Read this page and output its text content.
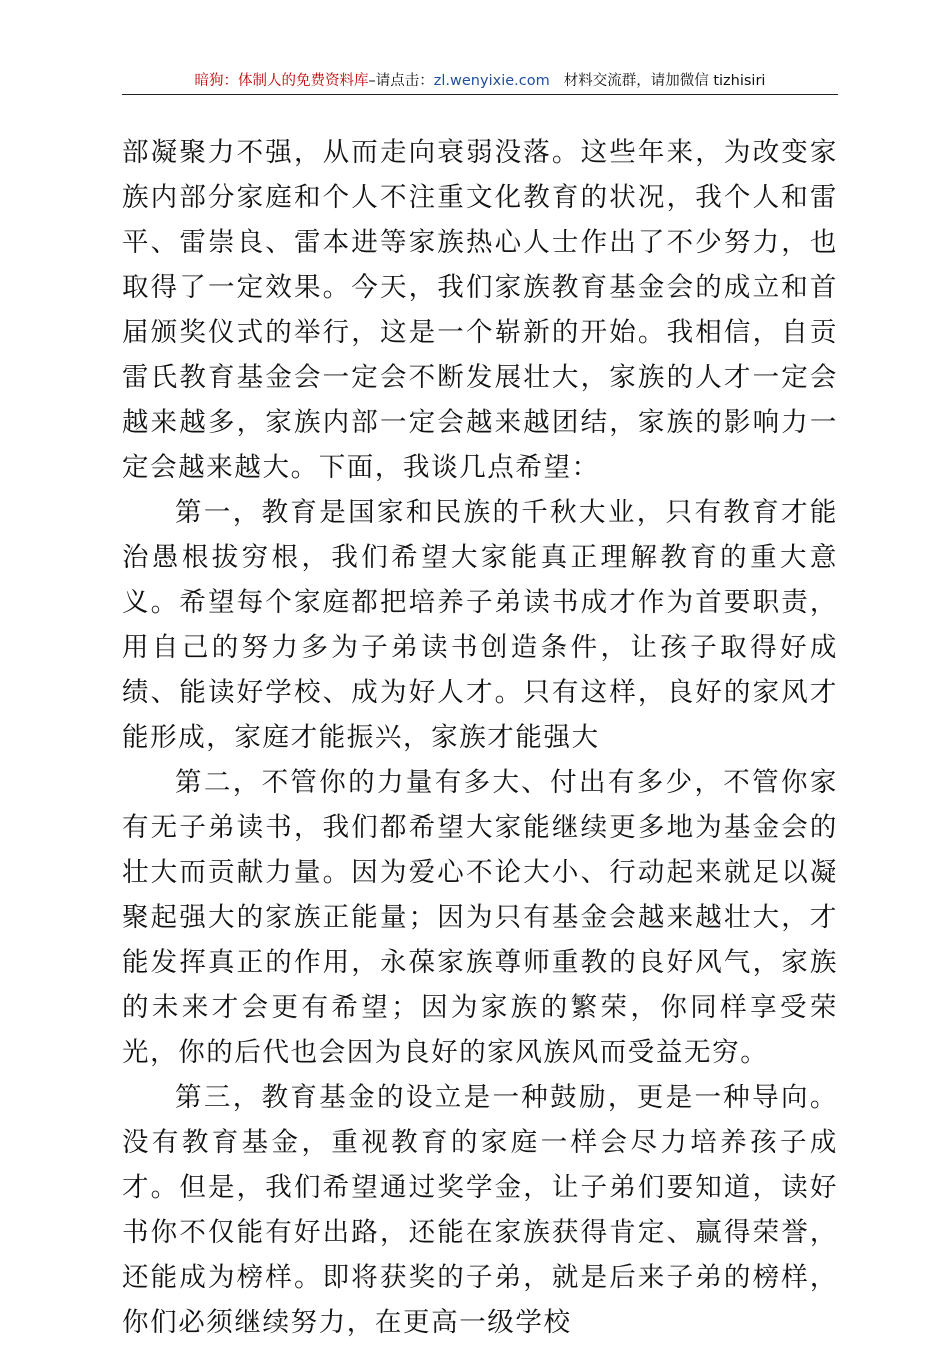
暗狗：体制人的免费资料库–请点击：zl.wenyixie.com 材料交流群，请加微信 tizhisiri

部凝聚力不强，从而走向衰弱没落。这些年来，为改变家族内部分家庭和个人不注重文化教育的状况，我个人和雷平、雷崇良、雷本进等家族热心人士作出了不少努力，也取得了一定效果。今天，我们家族教育基金会的成立和首届颁奖仪式的举行，这是一个崭新的开始。我相信，自贡雷氏教育基金会一定会不断发展壮大，家族的人才一定会越来越多，家族内部一定会越来越团结，家族的影响力一定会越来越大。下面，我谈几点希望：

第一，教育是国家和民族的千秋大业，只有教育才能治愚根拔穷根，我们希望大家能真正理解教育的重大意义。希望每个家庭都把培养子弟读书成才作为首要职责，用自己的努力多为子弟读书创造条件，让孩子取得好成绩、能读好学校、成为好人才。只有这样，良好的家风才能形成，家庭才能振兴，家族才能强大

第二，不管你的力量有多大、付出有多少，不管你家有无子弟读书，我们都希望大家能继续更多地为基金会的壮大而贡献力量。因为爱心不论大小、行动起来就足以凝聚起强大的家族正能量；因为只有基金会越来越壮大，才能发挥真正的作用，永葆家族尊师重教的良好风气，家族的未来才会更有希望；因为家族的繁荣，你同样享受荣光，你的后代也会因为良好的家风族风而受益无穷。

第三，教育基金的设立是一种鼓励，更是一种导向。没有教育基金，重视教育的家庭一样会尽力培养孩子成才。但是，我们希望通过奖学金，让子弟们要知道，读好书你不仅能有好出路，还能在家族获得肯定、赢得荣誉，还能成为榜样。即将获奖的子弟，就是后来子弟的榜样，你们必须继续努力，在更高一级学校
